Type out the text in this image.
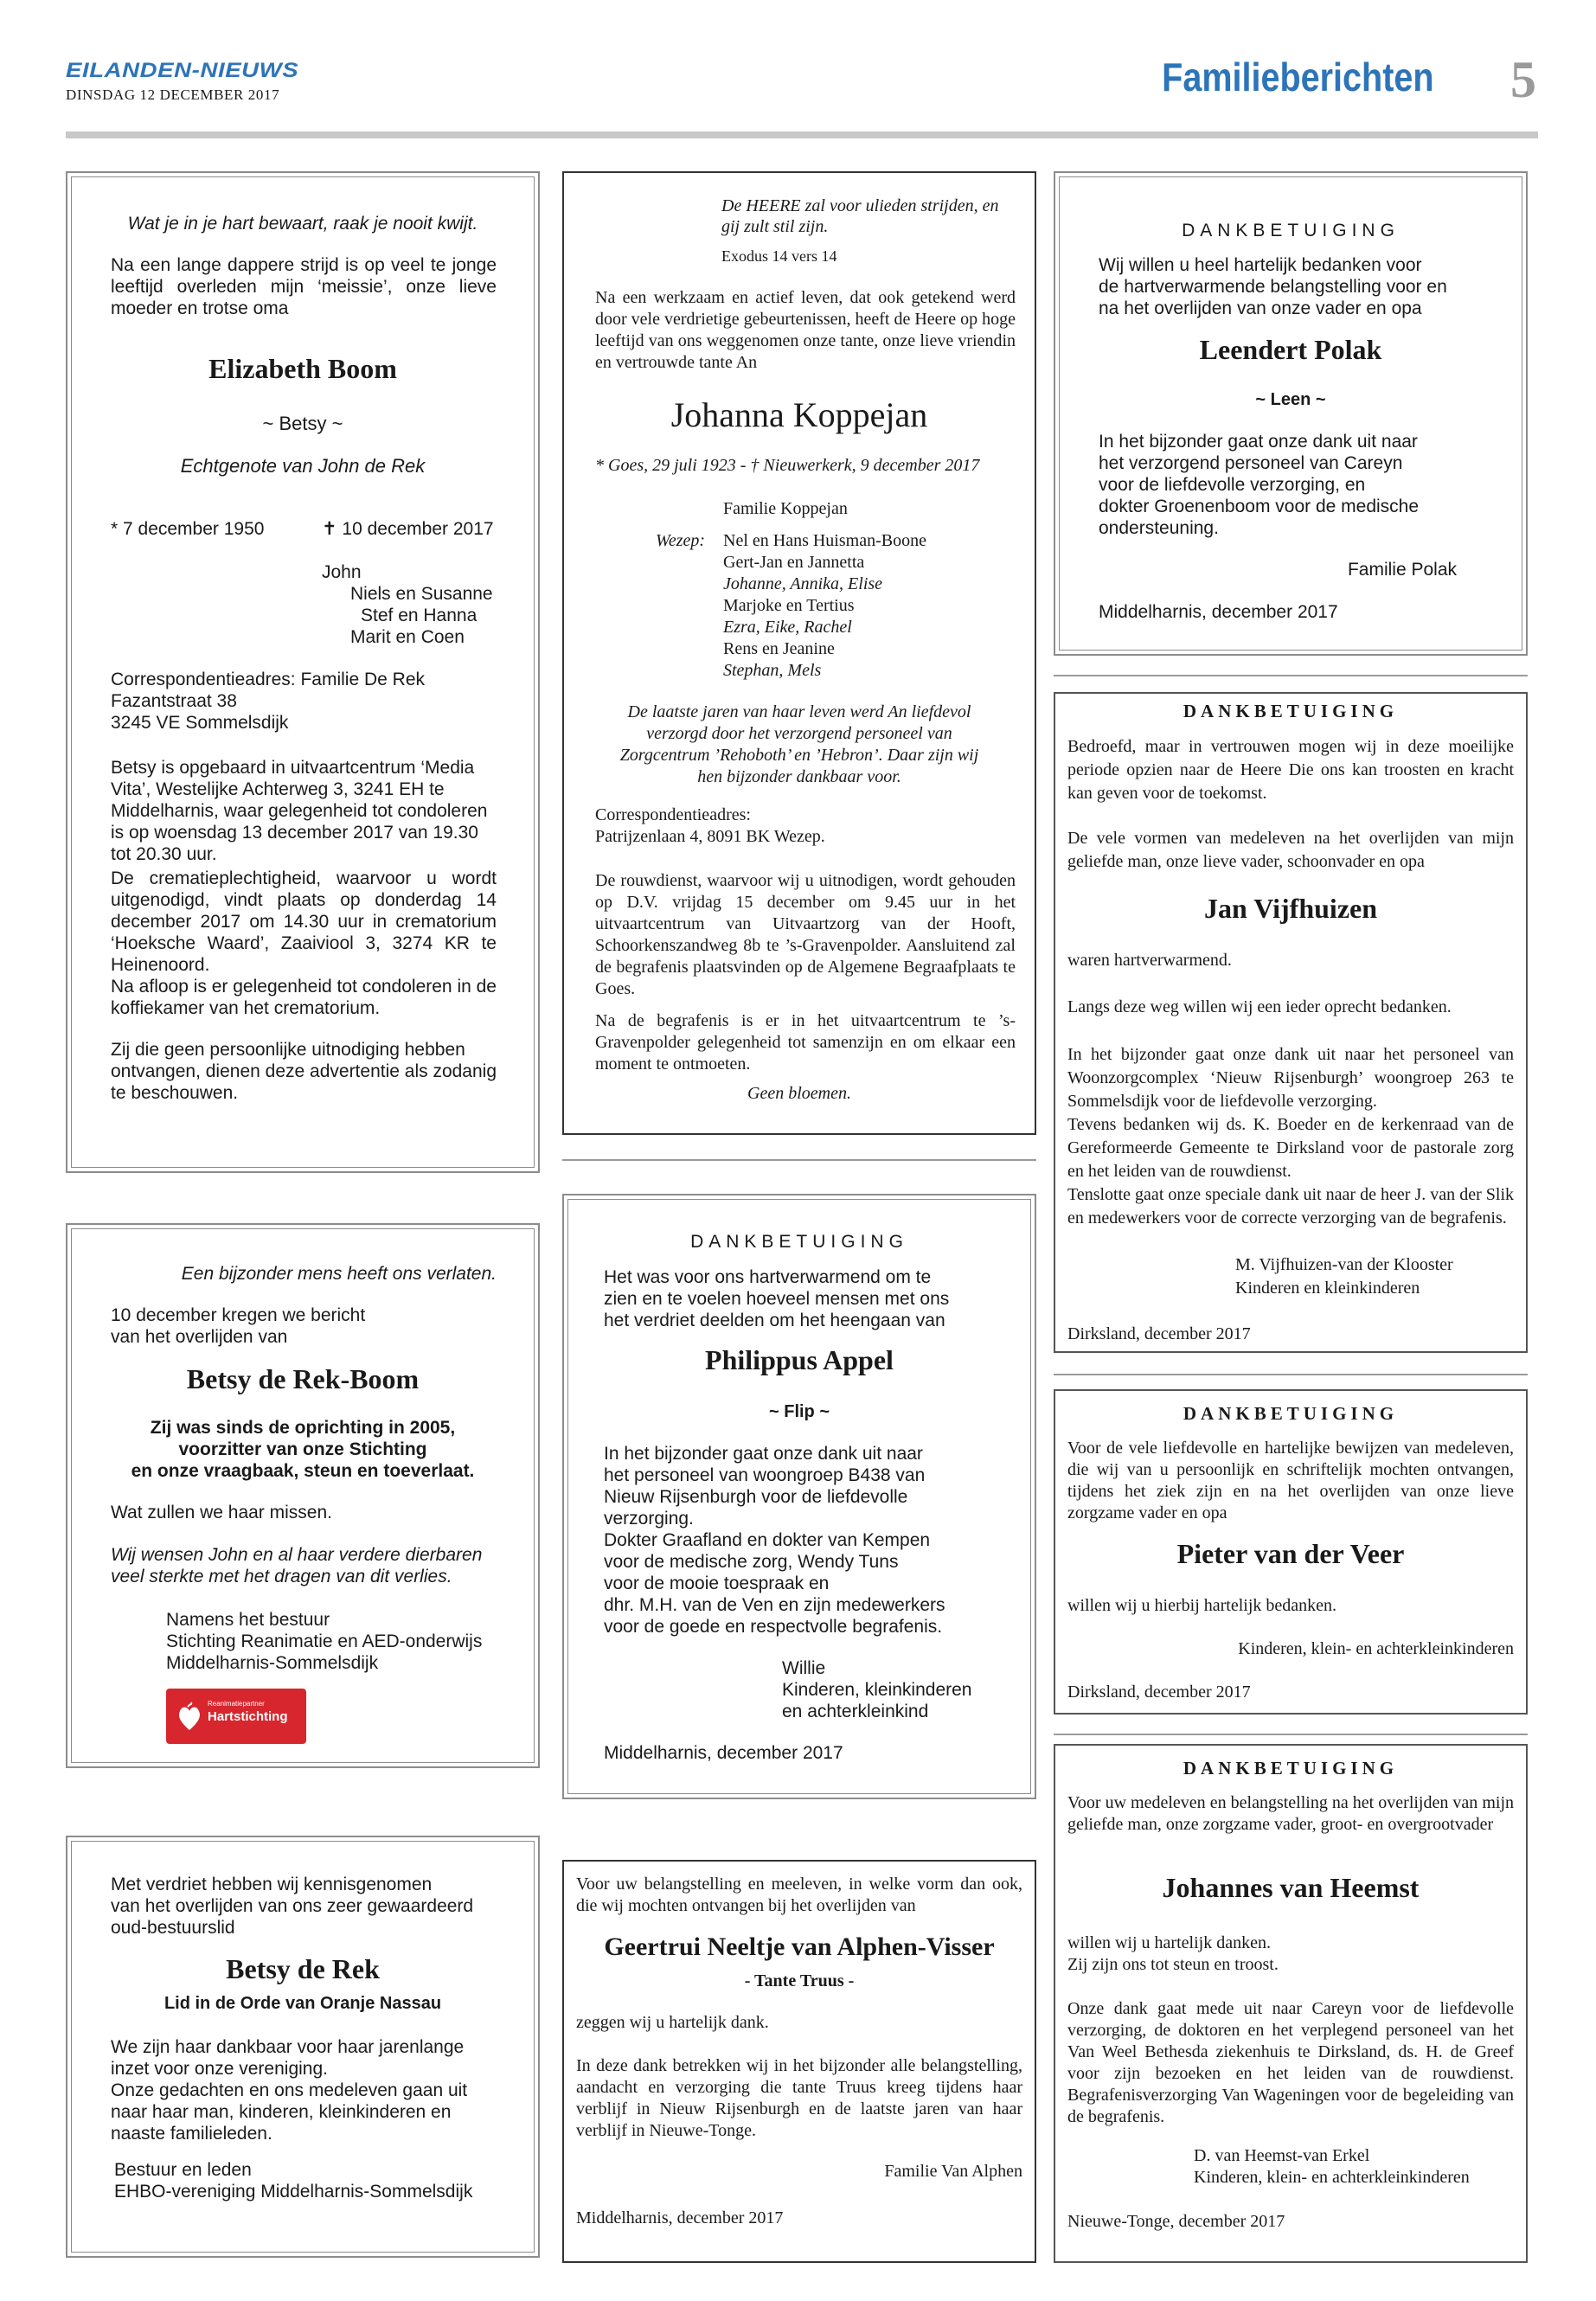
EILANDEN-NIEUWS
DINSDAG 12 DECEMBER 2017	Familieberichten 5

Wat je in je hart bewaart, raak je nooit kwijt.

Na een lange dappere strijd is op veel te jonge leeftijd overleden mijn ‘meissie’, onze lieve moeder en trotse oma

Elizabeth Boom

~ Betsy ~

Echtgenote van John de Rek

* 7 december 1950	✝ 10 december 2017

John

Niels en Susanne

Stef en Hanna

Marit en Coen

Correspondentieadres: Familie De Rek

Fazantstraat 38

3245 VE Sommelsdijk

Betsy is opgebaard in uitvaartcentrum ‘Media Vita’, Westelijke Achterweg 3, 3241 EH te Middelharnis, waar gelegenheid tot condoleren is op woensdag 13 december 2017 van 19.30 tot 20.30 uur.

De crematieplechtigheid, waarvoor u wordt uitgenodigd, vindt plaats op donderdag 14 december 2017 om 14.30 uur in crematorium ‘Hoeksche Waard’, Zaaiviool 3, 3274 KR te Heinenoord.

Na afloop is er gelegenheid tot condoleren in de koffiekamer van het crematorium.

Zij die geen persoonlijke uitnodiging hebben ontvangen, dienen deze advertentie als zodanig te beschouwen.

De HEERE zal voor ulieden strijden, en gij zult stil zijn.

Exodus 14 vers 14

Na een werkzaam en actief leven, dat ook getekend werd door vele verdrietige gebeurtenissen, heeft de Heere op hoge leeftijd van ons weggenomen onze tante, onze lieve vriendin en vertrouwde tante An

Johanna Koppejan

* Goes, 29 juli 1923 - † Nieuwerkerk, 9 december 2017

Familie Koppejan

Wezep:	Nel en Hans Huisman-Boone

Gert-Jan en Jannetta

Johanne, Annika, Elise

Marjoke en Tertius

Ezra, Eike, Rachel

Rens en Jeanine

Stephan, Mels

De laatste jaren van haar leven werd An liefdevol verzorgd door het verzorgend personeel van Zorgcentrum ’Rehoboth’ en ’Hebron’. Daar zijn wij hen bijzonder dankbaar voor.

Correspondentieadres:

Patrijzenlaan 4, 8091 BK Wezep.

De rouwdienst, waarvoor wij u uitnodigen, wordt gehouden op D.V. vrijdag 15 december om 9.45 uur in het uitvaartcentrum van Uitvaartzorg van der Hooft, Schoorkenszandweg 8b te ’s-Gravenpolder. Aansluitend zal de begrafenis plaatsvinden op de Algemene Begraafplaats te Goes.

Na de begrafenis is er in het uitvaartcentrum te ’s-Gravenpolder gelegenheid tot samenzijn en om elkaar een moment te ontmoeten.

Geen bloemen.

DANKBETUIGING

Wij willen u heel hartelijk bedanken voor

de hartverwarmende belangstelling voor en

na het overlijden van onze vader en opa

Leendert Polak

~ Leen ~

In het bijzonder gaat onze dank uit naar

het verzorgend personeel van Careyn

voor de liefdevolle verzorging, en

dokter Groenenboom voor de medische

ondersteuning.

Familie Polak

Middelharnis, december 2017

DANKBETUIGING

Bedroefd, maar in vertrouwen mogen wij in deze moeilijke periode opzien naar de Heere Die ons kan troosten en kracht kan geven voor de toekomst.

De vele vormen van medeleven na het overlijden van mijn geliefde man, onze lieve vader, schoonvader en opa

Jan Vijfhuizen

waren hartverwarmend.

Langs deze weg willen wij een ieder oprecht bedanken.

In het bijzonder gaat onze dank uit naar het personeel van Woonzorgcomplex ‘Nieuw Rijsenburgh’ woongroep 263 te Sommelsdijk voor de liefdevolle verzorging.

Tevens bedanken wij ds. K. Boeder en de kerkenraad van de Gereformeerde Gemeente te Dirksland voor de pastorale zorg en het leiden van de rouwdienst.

Tenslotte gaat onze speciale dank uit naar de heer J. van der Slik en medewerkers voor de correcte verzorging van de begrafenis.

M. Vijfhuizen-van der Klooster

Kinderen en kleinkinderen

Dirksland, december 2017

Een bijzonder mens heeft ons verlaten.

10 december kregen we bericht

van het overlijden van

Betsy de Rek-Boom

Zij was sinds de oprichting in 2005,

voorzitter van onze Stichting

en onze vraagbaak, steun en toeverlaat.

Wat zullen we haar missen.

Wij wensen John en al haar verdere dierbaren veel sterkte met het dragen van dit verlies.

Namens het bestuur

Stichting Reanimatie en AED-onderwijs

Middelharnis-Sommelsdijk

Reanimatiepartner
Hartstichting

DANKBETUIGING

Het was voor ons hartverwarmend om te

zien en te voelen hoeveel mensen met ons

het verdriet deelden om het heengaan van

Philippus Appel

~ Flip ~

In het bijzonder gaat onze dank uit naar

het personeel van woongroep B438 van

Nieuw Rijsenburgh voor de liefdevolle

verzorging.

Dokter Graafland en dokter van Kempen

voor de medische zorg, Wendy Tuns

voor de mooie toespraak en

dhr. M.H. van de Ven en zijn medewerkers

voor de goede en respectvolle begrafenis.

Willie

Kinderen, kleinkinderen

en achterkleinkind

Middelharnis, december 2017

DANKBETUIGING

Voor de vele liefdevolle en hartelijke bewijzen van medeleven, die wij van u persoonlijk en schriftelijk mochten ontvangen, tijdens het ziek zijn en na het overlijden van onze lieve zorgzame vader en opa

Pieter van der Veer

willen wij u hierbij hartelijk bedanken.

Kinderen, klein- en achterkleinkinderen

Dirksland, december 2017

Met verdriet hebben wij kennisgenomen

van het overlijden van ons zeer gewaardeerd

oud-bestuurslid

Betsy de Rek

Lid in de Orde van Oranje Nassau

We zijn haar dankbaar voor haar jarenlange

inzet voor onze vereniging.

Onze gedachten en ons medeleven gaan uit

naar haar man, kinderen, kleinkinderen en

naaste familieleden.

Bestuur en leden

EHBO-vereniging Middelharnis-Sommelsdijk

Voor uw belangstelling en meeleven, in welke vorm dan ook, die wij mochten ontvangen bij het overlijden van

Geertrui Neeltje van Alphen-Visser

- Tante Truus -

zeggen wij u hartelijk dank.

In deze dank betrekken wij in het bijzonder alle belangstelling, aandacht en verzorging die tante Truus kreeg tijdens haar verblijf in Nieuw Rijsenburgh en de laatste jaren van haar verblijf in Nieuwe-Tonge.

Familie Van Alphen

Middelharnis, december 2017

DANKBETUIGING

Voor uw medeleven en belangstelling na het overlijden van mijn geliefde man, onze zorgzame vader, groot- en overgrootvader

Johannes van Heemst

willen wij u hartelijk danken.

Zij zijn ons tot steun en troost.

Onze dank gaat mede uit naar Careyn voor de liefdevolle verzorging, de doktoren en het verplegend personeel van het Van Weel Bethesda ziekenhuis te Dirksland, ds. H. de Greef voor zijn bezoeken en het leiden van de rouwdienst. Begrafenisverzorging Van Wageningen voor de begeleiding van de begrafenis.

D. van Heemst-van Erkel

Kinderen, klein- en achterkleinkinderen

Nieuwe-Tonge, december 2017
